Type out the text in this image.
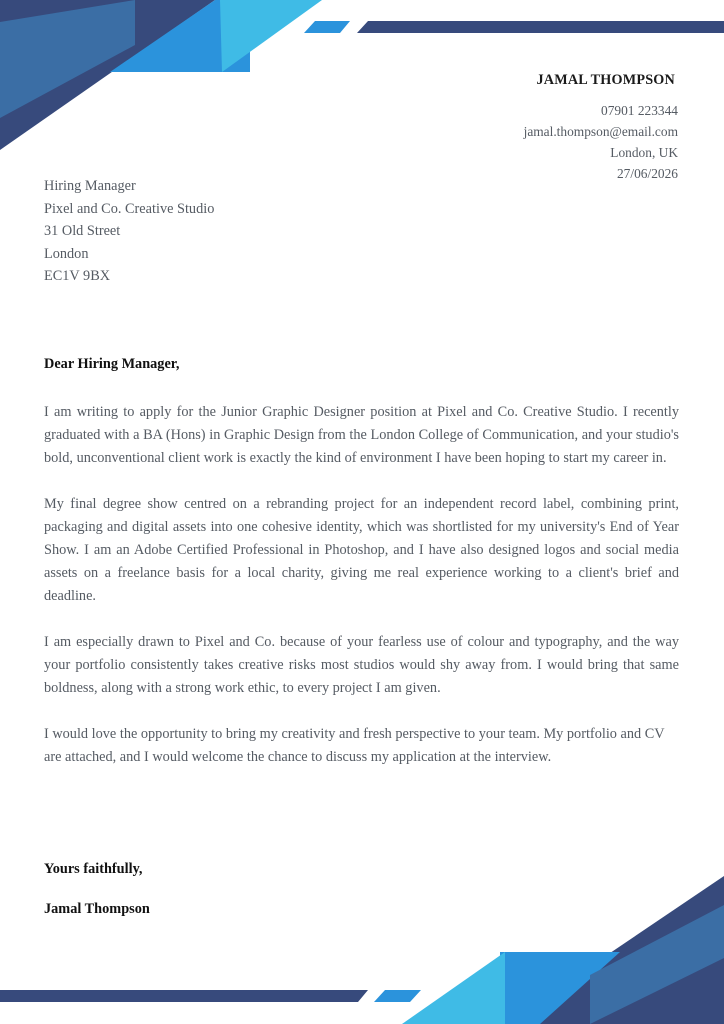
JAMAL THOMPSON
07901 223344
jamal.thompson@email.com
London, UK
27/06/2026
Hiring Manager
Pixel and Co. Creative Studio
31 Old Street
London
EC1V 9BX
Dear Hiring Manager,

I am writing to apply for the Junior Graphic Designer position at Pixel and Co. Creative Studio. I recently graduated with a BA (Hons) in Graphic Design from the London College of Communication, and your studio's bold, unconventional client work is exactly the kind of environment I have been hoping to start my career in.

My final degree show centred on a rebranding project for an independent record label, combining print, packaging and digital assets into one cohesive identity, which was shortlisted for my university's End of Year Show. I am an Adobe Certified Professional in Photoshop, and I have also designed logos and social media assets on a freelance basis for a local charity, giving me real experience working to a client's brief and deadline.

I am especially drawn to Pixel and Co. because of your fearless use of colour and typography, and the way your portfolio consistently takes creative risks most studios would shy away from. I would bring that same boldness, along with a strong work ethic, to every project I am given.

I would love the opportunity to bring my creativity and fresh perspective to your team. My portfolio and CV are attached, and I would welcome the chance to discuss my application at the interview.

Yours faithfully,
Jamal Thompson
